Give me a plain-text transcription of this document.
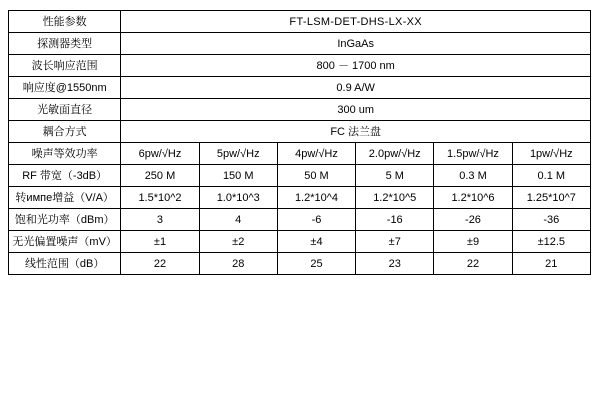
性能参数	FT-LSM-DET-DHS-LX-XX					
探测器类型	InGaAs					
波长响应范围	800 － 1700 nm					
响应度@1550nm	0.9 A/W					
光敏面直径	300 um					
耦合方式	FC 法兰盘					
噪声等效功率	6pw/√Hz	5pw/√Hz	4pw/√Hz	2.0pw/√Hz	1.5pw/√Hz	1pw/√Hz
RF 带宽（-3dB）	250 M	150 M	50 M	5 M	0.3 M	0.1 M
转импе增益（V/A）	1.5*10^2	1.0*10^3	1.2*10^4	1.2*10^5	1.2*10^6	1.25*10^7
饱和光功率（dBm）	3	4	-6	-16	-26	-36
无光偏置噪声（mV）	±1	±2	±4	±7	±9	±12.5
线性范围（dB）	22	28	25	23	22	21
